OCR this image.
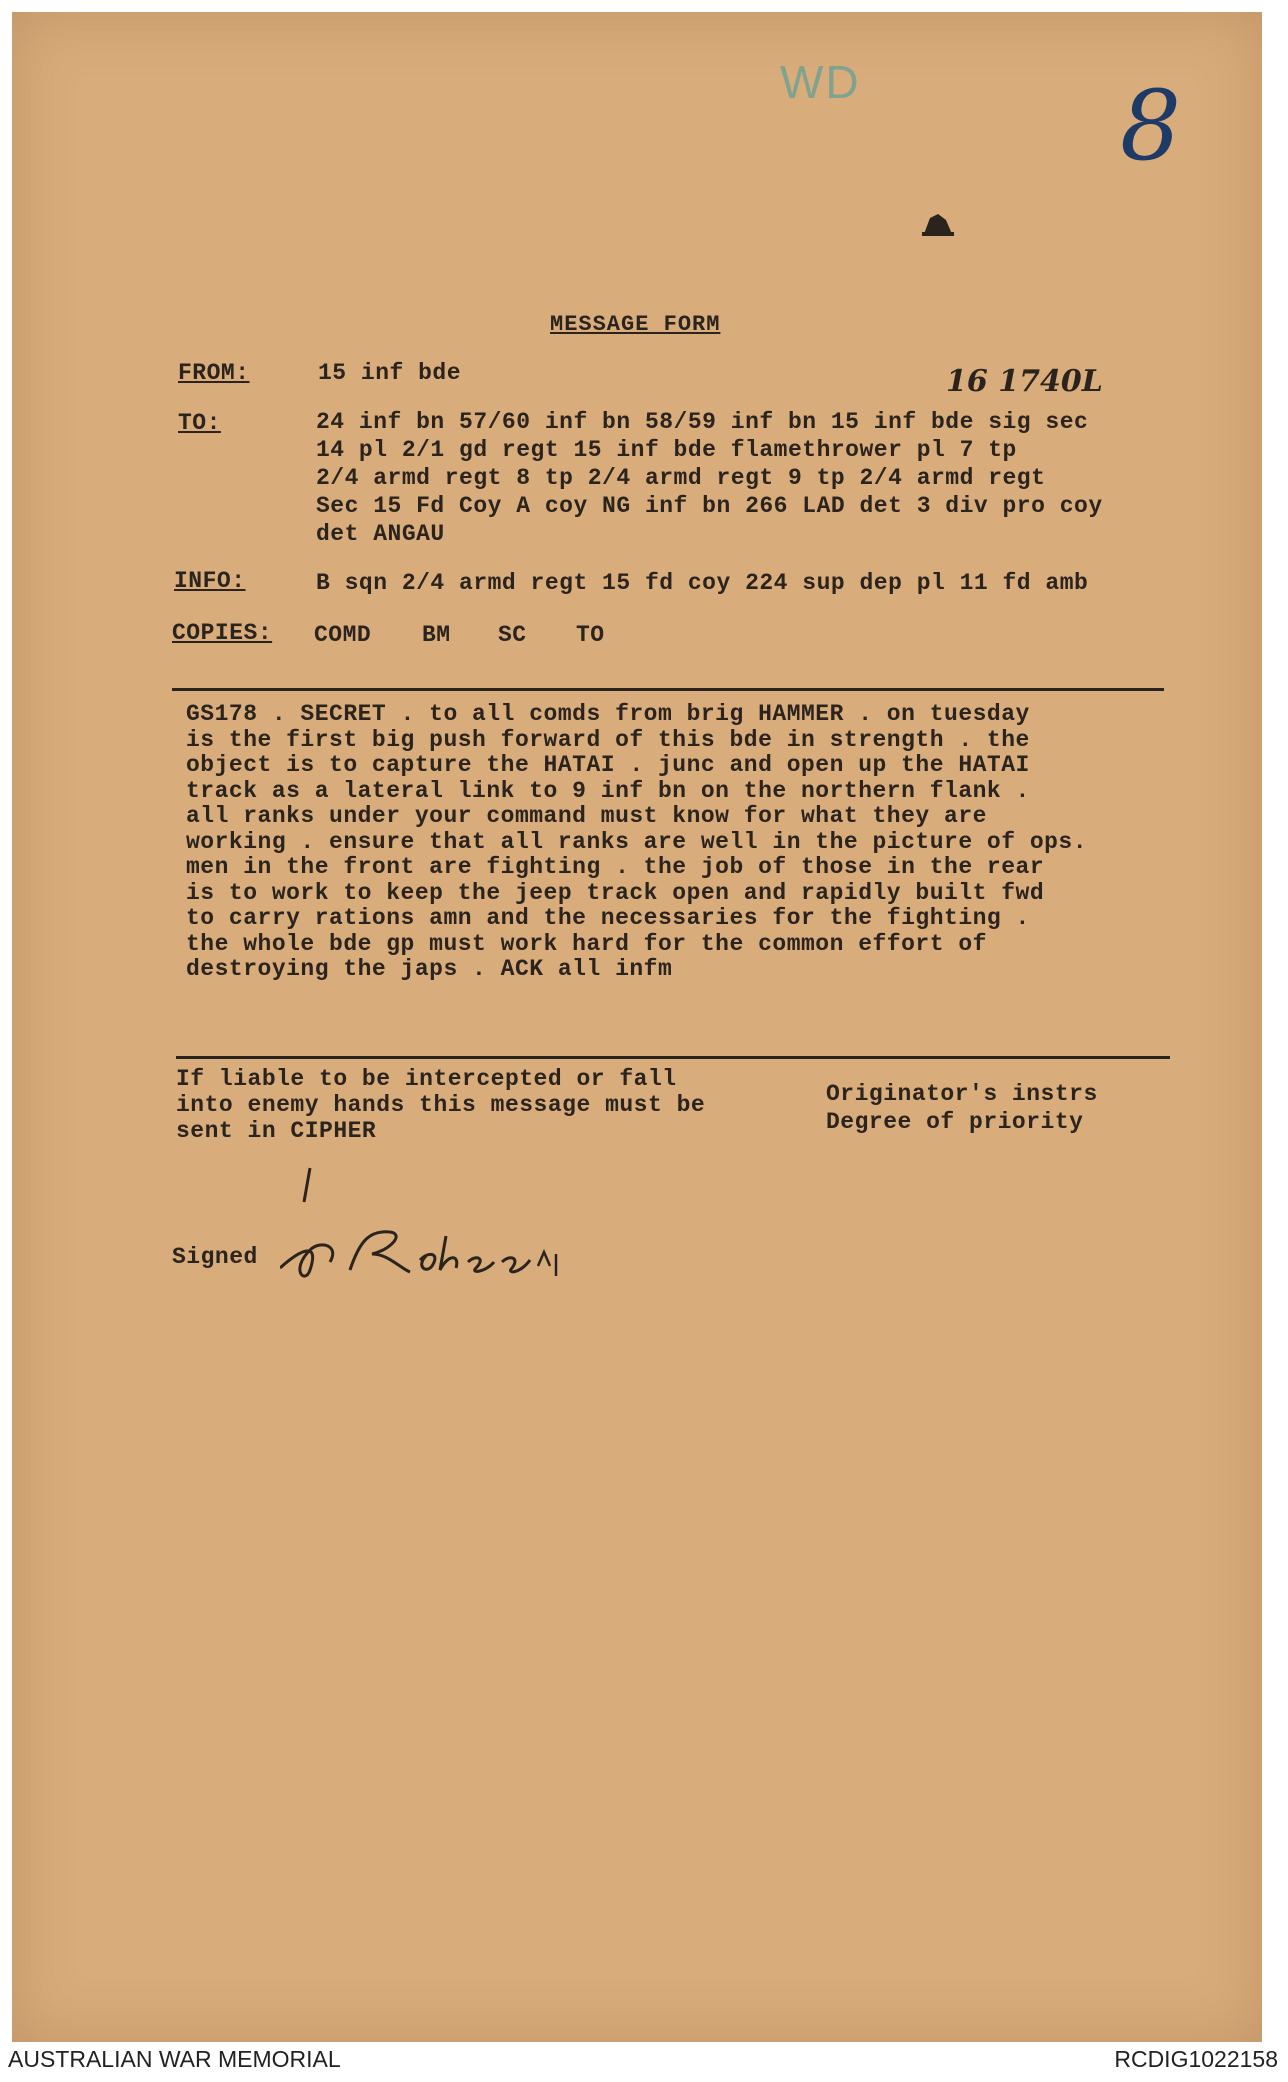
WD	8
MESSAGE FORM
FROM:	15 inf bde	16 1740L
TO:	24 inf bn 57/60 inf bn 58/59 inf bn 15 inf bde sig sec
14 pl 2/1 gd regt 15 inf bde flamethrower pl 7 tp
2/4 armd regt 8 tp 2/4 armd regt 9 tp 2/4 armd regt
Sec 15 Fd Coy A coy NG inf bn 266 LAD det 3 div pro coy
det ANGAU
INFO:	B sqn 2/4 armd regt 15 fd coy 224 sup dep pl 11 fd amb
COPIES: COMD BM SC TO
GS178 . SECRET . to all comds from brig HAMMER . on tuesday
is the first big push forward of this bde in strength . the
object is to capture the HATAI . junc and open up the HATAI
track as a lateral link to 9 inf bn on the northern flank .
all ranks under your command must know for what they are
working . ensure that all ranks are well in the picture of ops.
men in the front are fighting . the job of those in the rear
is to work to keep the jeep track open and rapidly built fwd
to carry rations amn and the necessaries for the fighting .
the whole bde gp must work hard for the common effort of
destroying the japs . ACK all infm
If liable to be intercepted or fall
into enemy hands this message must be
sent in CIPHER
Originator's instrs
Degree of priority
Signed
AUSTRALIAN WAR MEMORIAL	RCDIG1022158
